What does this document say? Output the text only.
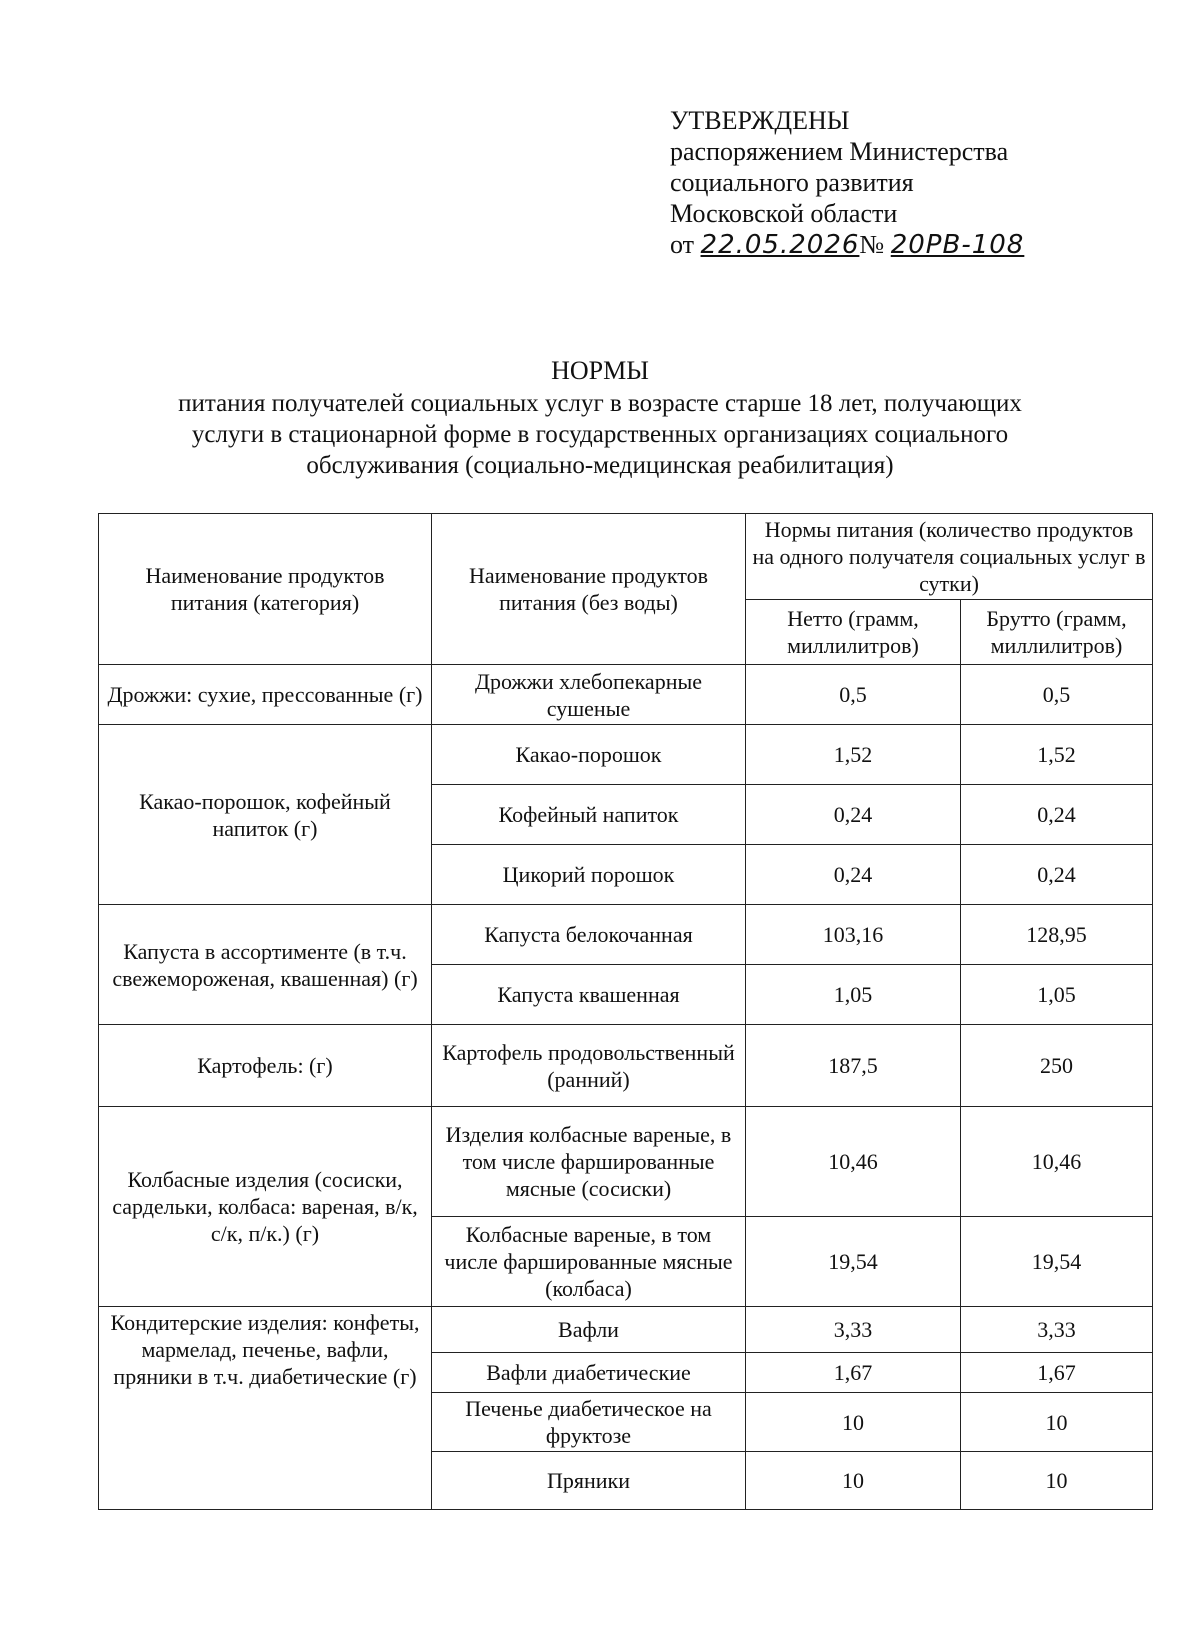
УТВЕРЖДЕНЫ
распоряжением Министерства
социального развития
Московской области
от 22.05.2026№ 20РВ-108
НОРМЫ
питания получателей социальных услуг в возрасте старше 18 лет, получающих
услуги в стационарной форме в государственных организациях социального
обслуживания (социально-медицинская реабилитация)
Наименование продуктов питания (категория)	Наименование продуктов питания (без воды)	Нормы питания (количество продуктов на одного получателя социальных услуг в сутки)	
		Нетто (грамм, миллилитров)	Брутто (грамм, миллилитров)
Дрожжи: сухие, прессованные (г)	Дрожжи хлебопекарные сушеные	0,5	0,5
Какао-порошок, кофейный напиток (г)	Какао-порошок	1,52	1,52
	Кофейный напиток	0,24	0,24
	Цикорий порошок	0,24	0,24
Капуста в ассортименте (в т.ч. свежемороженая, квашенная) (г)	Капуста белокочанная	103,16	128,95
	Капуста квашенная	1,05	1,05
Картофель: (г)	Картофель продовольственный (ранний)	187,5	250
Колбасные изделия (сосиски, сардельки, колбаса: вареная, в/к, с/к, п/к.) (г)	Изделия колбасные вареные, в том числе фаршированные мясные (сосиски)	10,46	10,46
	Колбасные вареные, в том числе фаршированные мясные (колбаса)	19,54	19,54
Кондитерские изделия: конфеты, мармелад, печенье, вафли, пряники в т.ч. диабетические (г)	Вафли	3,33	3,33
	Вафли диабетические	1,67	1,67
	Печенье диабетическое на фруктозе	10	10
	Пряники	10	10
